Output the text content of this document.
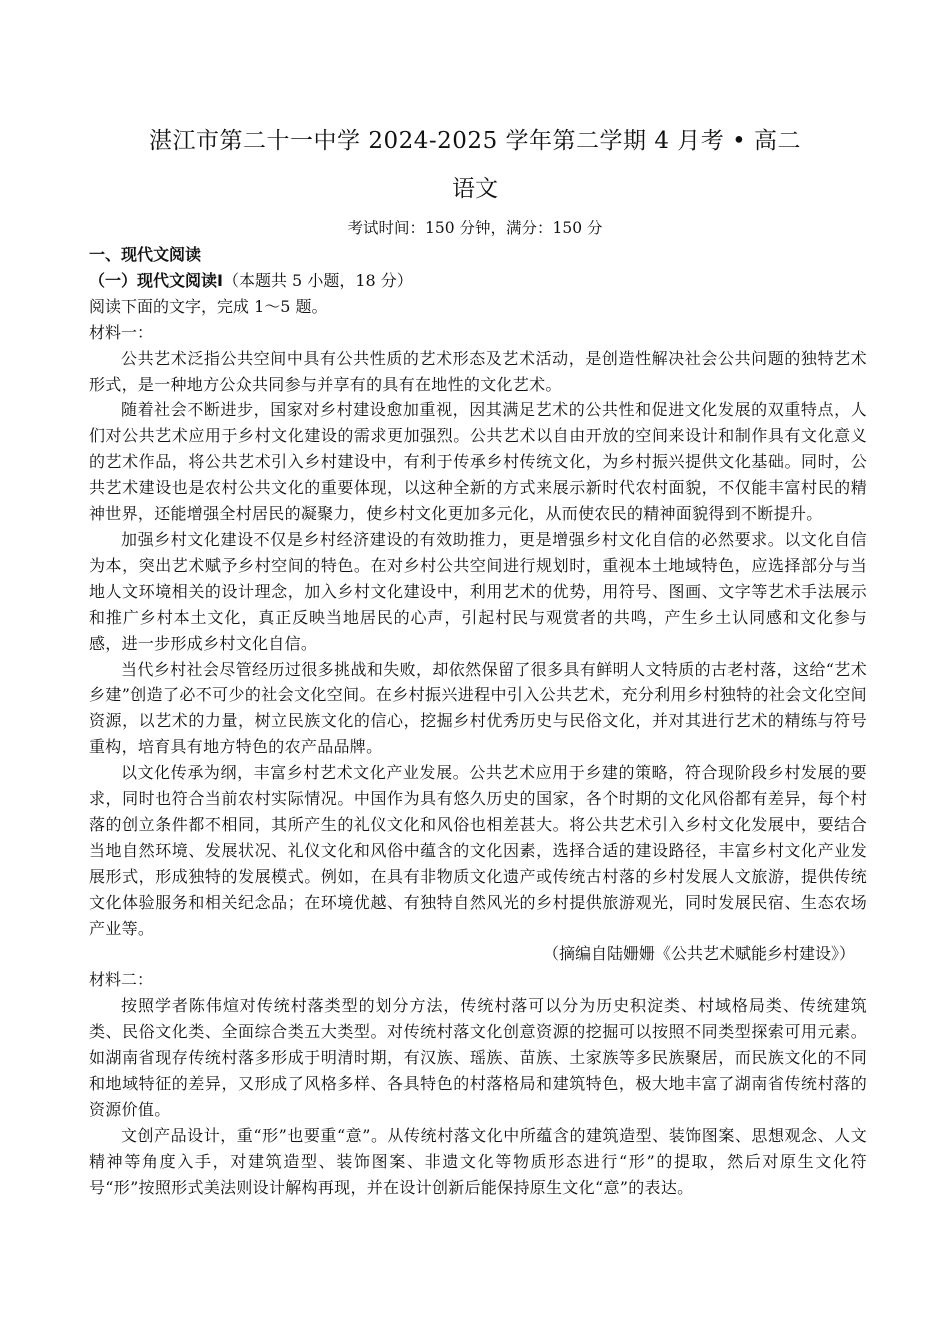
湛江市第二十一中学 2024-2025 学年第二学期 4 月考 • 高二
语文
考试时间：150 分钟，满分：150 分
一、现代文阅读
（一）现代文阅读Ⅰ（本题共 5 小题，18 分）
阅读下面的文字，完成 1～5 题。
材料一：
公共艺术泛指公共空间中具有公共性质的艺术形态及艺术活动，是创造性解决社会公共问题的独特艺术形式，是一种地方公众共同参与并享有的具有在地性的文化艺术。
随着社会不断进步，国家对乡村建设愈加重视，因其满足艺术的公共性和促进文化发展的双重特点，人们对公共艺术应用于乡村文化建设的需求更加强烈。公共艺术以自由开放的空间来设计和制作具有文化意义的艺术作品，将公共艺术引入乡村建设中，有利于传承乡村传统文化，为乡村振兴提供文化基础。同时，公共艺术建设也是农村公共文化的重要体现，以这种全新的方式来展示新时代农村面貌，不仅能丰富村民的精神世界，还能增强全村居民的凝聚力，使乡村文化更加多元化，从而使农民的精神面貌得到不断提升。
加强乡村文化建设不仅是乡村经济建设的有效助推力，更是增强乡村文化自信的必然要求。以文化自信为本，突出艺术赋予乡村空间的特色。在对乡村公共空间进行规划时，重视本土地域特色，应选择部分与当地人文环境相关的设计理念，加入乡村文化建设中，利用艺术的优势，用符号、图画、文字等艺术手法展示和推广乡村本土文化，真正反映当地居民的心声，引起村民与观赏者的共鸣，产生乡土认同感和文化参与感，进一步形成乡村文化自信。
当代乡村社会尽管经历过很多挑战和失败，却依然保留了很多具有鲜明人文特质的古老村落，这给“艺术乡建”创造了必不可少的社会文化空间。在乡村振兴进程中引入公共艺术，充分利用乡村独特的社会文化空间资源，以艺术的力量，树立民族文化的信心，挖掘乡村优秀历史与民俗文化，并对其进行艺术的精练与符号重构，培育具有地方特色的农产品品牌。
以文化传承为纲，丰富乡村艺术文化产业发展。公共艺术应用于乡建的策略，符合现阶段乡村发展的要求，同时也符合当前农村实际情况。中国作为具有悠久历史的国家，各个时期的文化风俗都有差异，每个村落的创立条件都不相同，其所产生的礼仪文化和风俗也相差甚大。将公共艺术引入乡村文化发展中，要结合当地自然环境、发展状况、礼仪文化和风俗中蕴含的文化因素，选择合适的建设路径，丰富乡村文化产业发展形式，形成独特的发展模式。例如，在具有非物质文化遗产或传统古村落的乡村发展人文旅游，提供传统文化体验服务和相关纪念品；在环境优越、有独特自然风光的乡村提供旅游观光，同时发展民宿、生态农场产业等。
（摘编自陆姗姗《公共艺术赋能乡村建设》）
材料二：
按照学者陈伟煊对传统村落类型的划分方法，传统村落可以分为历史积淀类、村域格局类、传统建筑类、民俗文化类、全面综合类五大类型。对传统村落文化创意资源的挖掘可以按照不同类型探索可用元素。如湖南省现存传统村落多形成于明清时期，有汉族、瑶族、苗族、土家族等多民族聚居，而民族文化的不同和地域特征的差异，又形成了风格多样、各具特色的村落格局和建筑特色，极大地丰富了湖南省传统村落的资源价值。
文创产品设计，重“形”也要重“意”。从传统村落文化中所蕴含的建筑造型、装饰图案、思想观念、人文精神等角度入手，对建筑造型、装饰图案、非遗文化等物质形态进行“形”的提取，然后对原生文化符号“形”按照形式美法则设计解构再现，并在设计创新后能保持原生文化“意”的表达。
